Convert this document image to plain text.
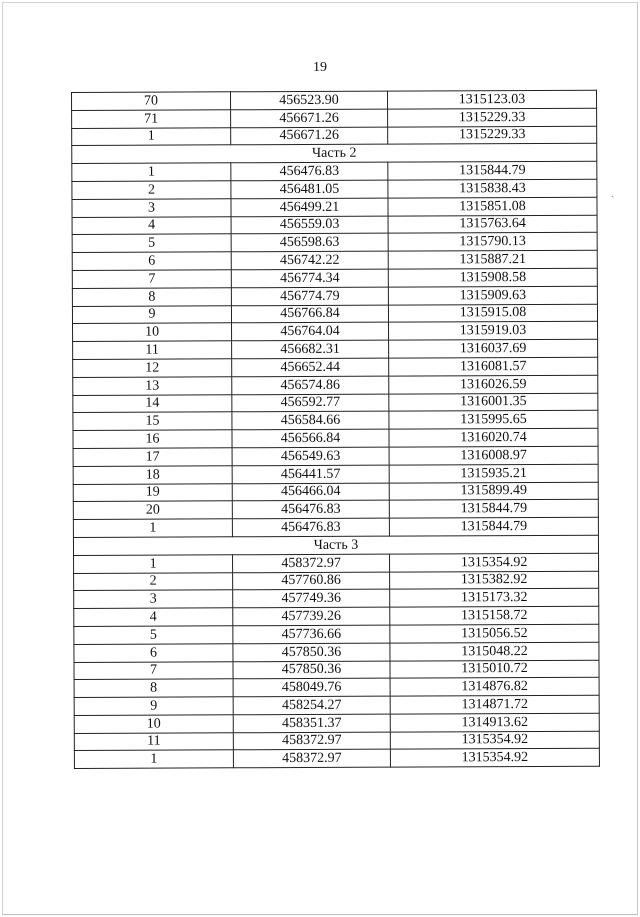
19
70	456523.90	1315123.03
71	456671.26	1315229.33
1	456671.26	1315229.33
Часть 2		
1	456476.83	1315844.79
2	456481.05	1315838.43
3	456499.21	1315851.08
4	456559.03	1315763.64
5	456598.63	1315790.13
6	456742.22	1315887.21
7	456774.34	1315908.58
8	456774.79	1315909.63
9	456766.84	1315915.08
10	456764.04	1315919.03
11	456682.31	1316037.69
12	456652.44	1316081.57
13	456574.86	1316026.59
14	456592.77	1316001.35
15	456584.66	1315995.65
16	456566.84	1316020.74
17	456549.63	1316008.97
18	456441.57	1315935.21
19	456466.04	1315899.49
20	456476.83	1315844.79
1	456476.83	1315844.79
Часть 3		
1	458372.97	1315354.92
2	457760.86	1315382.92
3	457749.36	1315173.32
4	457739.26	1315158.72
5	457736.66	1315056.52
6	457850.36	1315048.22
7	457850.36	1315010.72
8	458049.76	1314876.82
9	458254.27	1314871.72
10	458351.37	1314913.62
11	458372.97	1315354.92
1	458372.97	1315354.92
ˎ
